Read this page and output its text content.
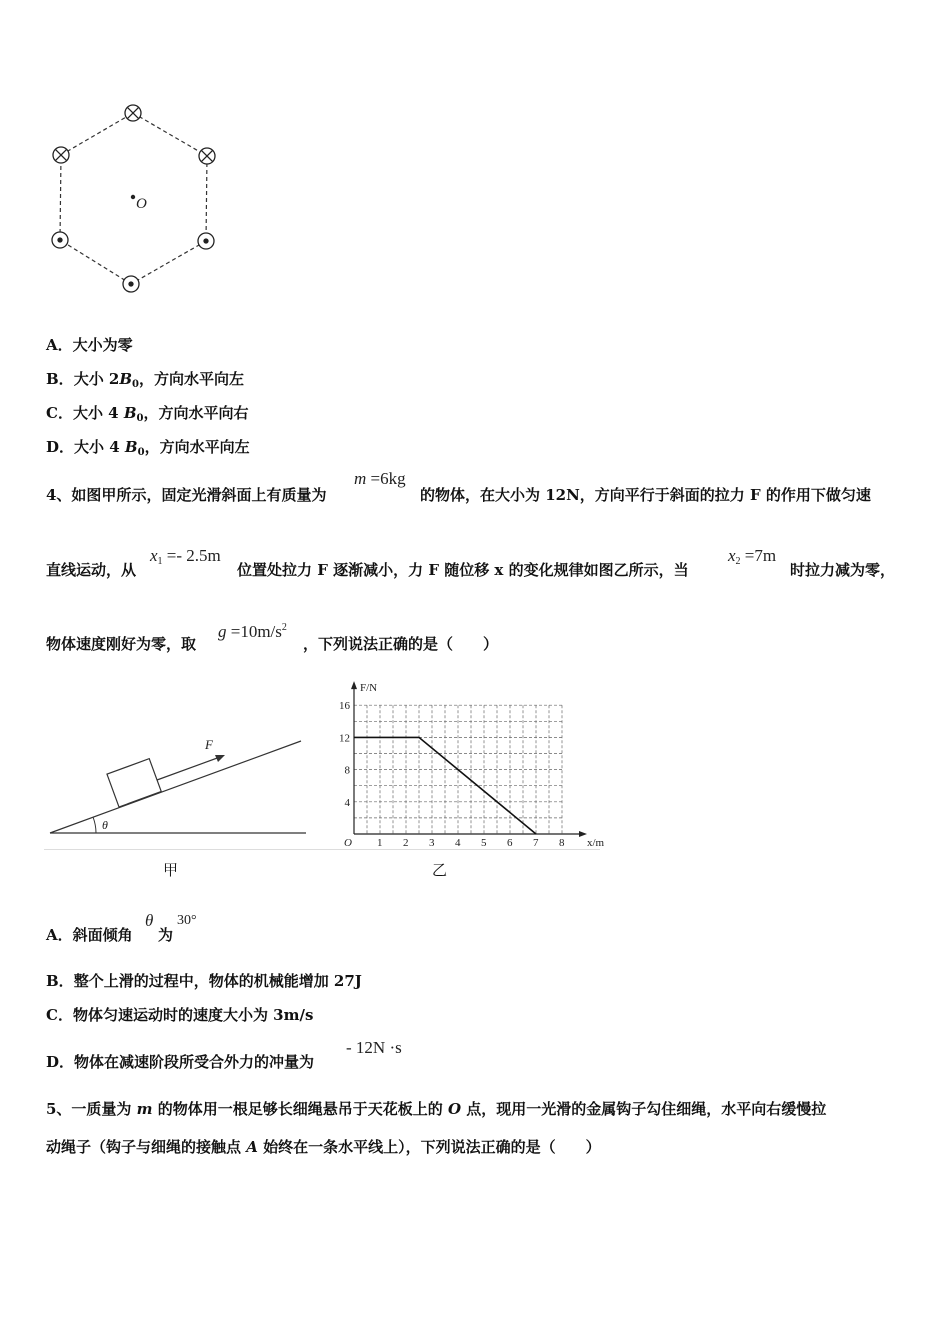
O
A．大小为零
B．大小 $2B_0$，方向水平向左
C．大小 4 $B_0$，方向水平向右
D．大小 4 $B_0$，方向水平向左
4、如图甲所示，固定光滑斜面上有质量为
m =6kg
的物体，在大小为 12N，方向平行于斜面的拉力 F 的作用下做匀速
直线运动，从
$x_1 =- 2.5m$
位置处拉力 F 逐渐减小，力 F 随位移 x 的变化规律如图乙所示，当
$x_2 =7m$
时拉力减为零，
物体速度刚好为零，取
$g =10m/s^2$
，下列说法正确的是（　　）
θ
F
甲
F/N
x/m
O 1 2 3 4 5 6 7 8
4
8
12
16
乙
A．斜面倾角
θ
为
30°
B．整个上滑的过程中，物体的机械能增加 27J
C．物体匀速运动时的速度大小为 3m/s
D．物体在减速阶段所受合外力的冲量为
- 12N ·s
5、一质量为 m 的物体用一根足够长细绳悬吊于天花板上的 O 点，现用一光滑的金属钩子勾住细绳，水平向右缓慢拉
动绳子（钩子与细绳的接触点 A 始终在一条水平线上），下列说法正确的是（　　）
